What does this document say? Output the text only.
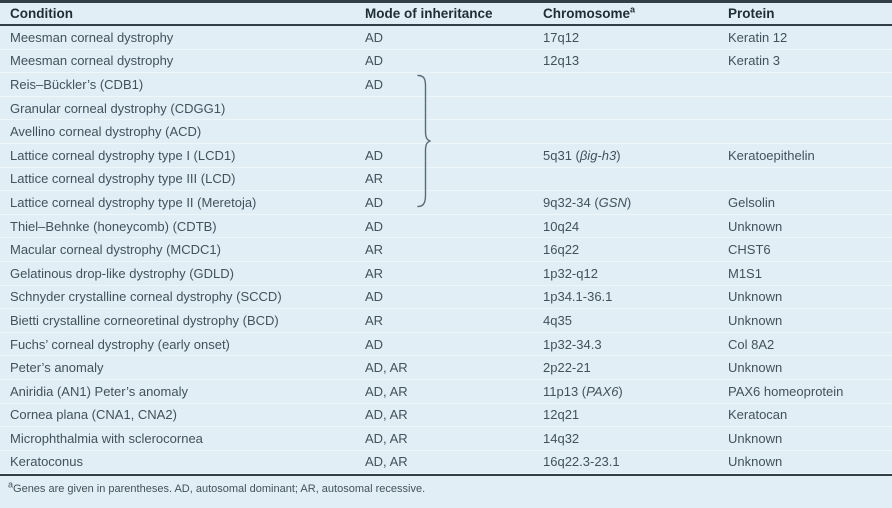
Condition	Mode of inheritance	Chromosome$^a$	Protein
Meesman corneal dystrophy	AD	17q12	Keratin 12
Meesman corneal dystrophy	AD	12q13	Keratin 3
Reis–Bückler’s (CDB1)	AD
Granular corneal dystrophy (CDGG1)
Avellino corneal dystrophy (ACD)
Lattice corneal dystrophy type I (LCD1)	AD	5q31 (βig-h3)	Keratoepithelin
Lattice corneal dystrophy type III (LCD)	AR
Lattice corneal dystrophy type II (Meretoja)	AD	9q32-34 (GSN)	Gelsolin
Thiel–Behnke (honeycomb) (CDTB)	AD	10q24	Unknown
Macular corneal dystrophy (MCDC1)	AR	16q22	CHST6
Gelatinous drop-like dystrophy (GDLD)	AR	1p32-q12	M1S1
Schnyder crystalline corneal dystrophy (SCCD)	AD	1p34.1-36.1	Unknown
Bietti crystalline corneoretinal dystrophy (BCD)	AR	4q35	Unknown
Fuchs’ corneal dystrophy (early onset)	AD	1p32-34.3	Col 8A2
Peter’s anomaly	AD, AR	2p22-21	Unknown
Aniridia (AN1) Peter’s anomaly	AD, AR	11p13 (PAX6)	PAX6 homeoprotein
Cornea plana (CNA1, CNA2)	AD, AR	12q21	Keratocan
Microphthalmia with sclerocornea	AD, AR	14q32	Unknown
Keratoconus	AD, AR	16q22.3-23.1	Unknown
$^a$Genes are given in parentheses. AD, autosomal dominant; AR, autosomal recessive.
